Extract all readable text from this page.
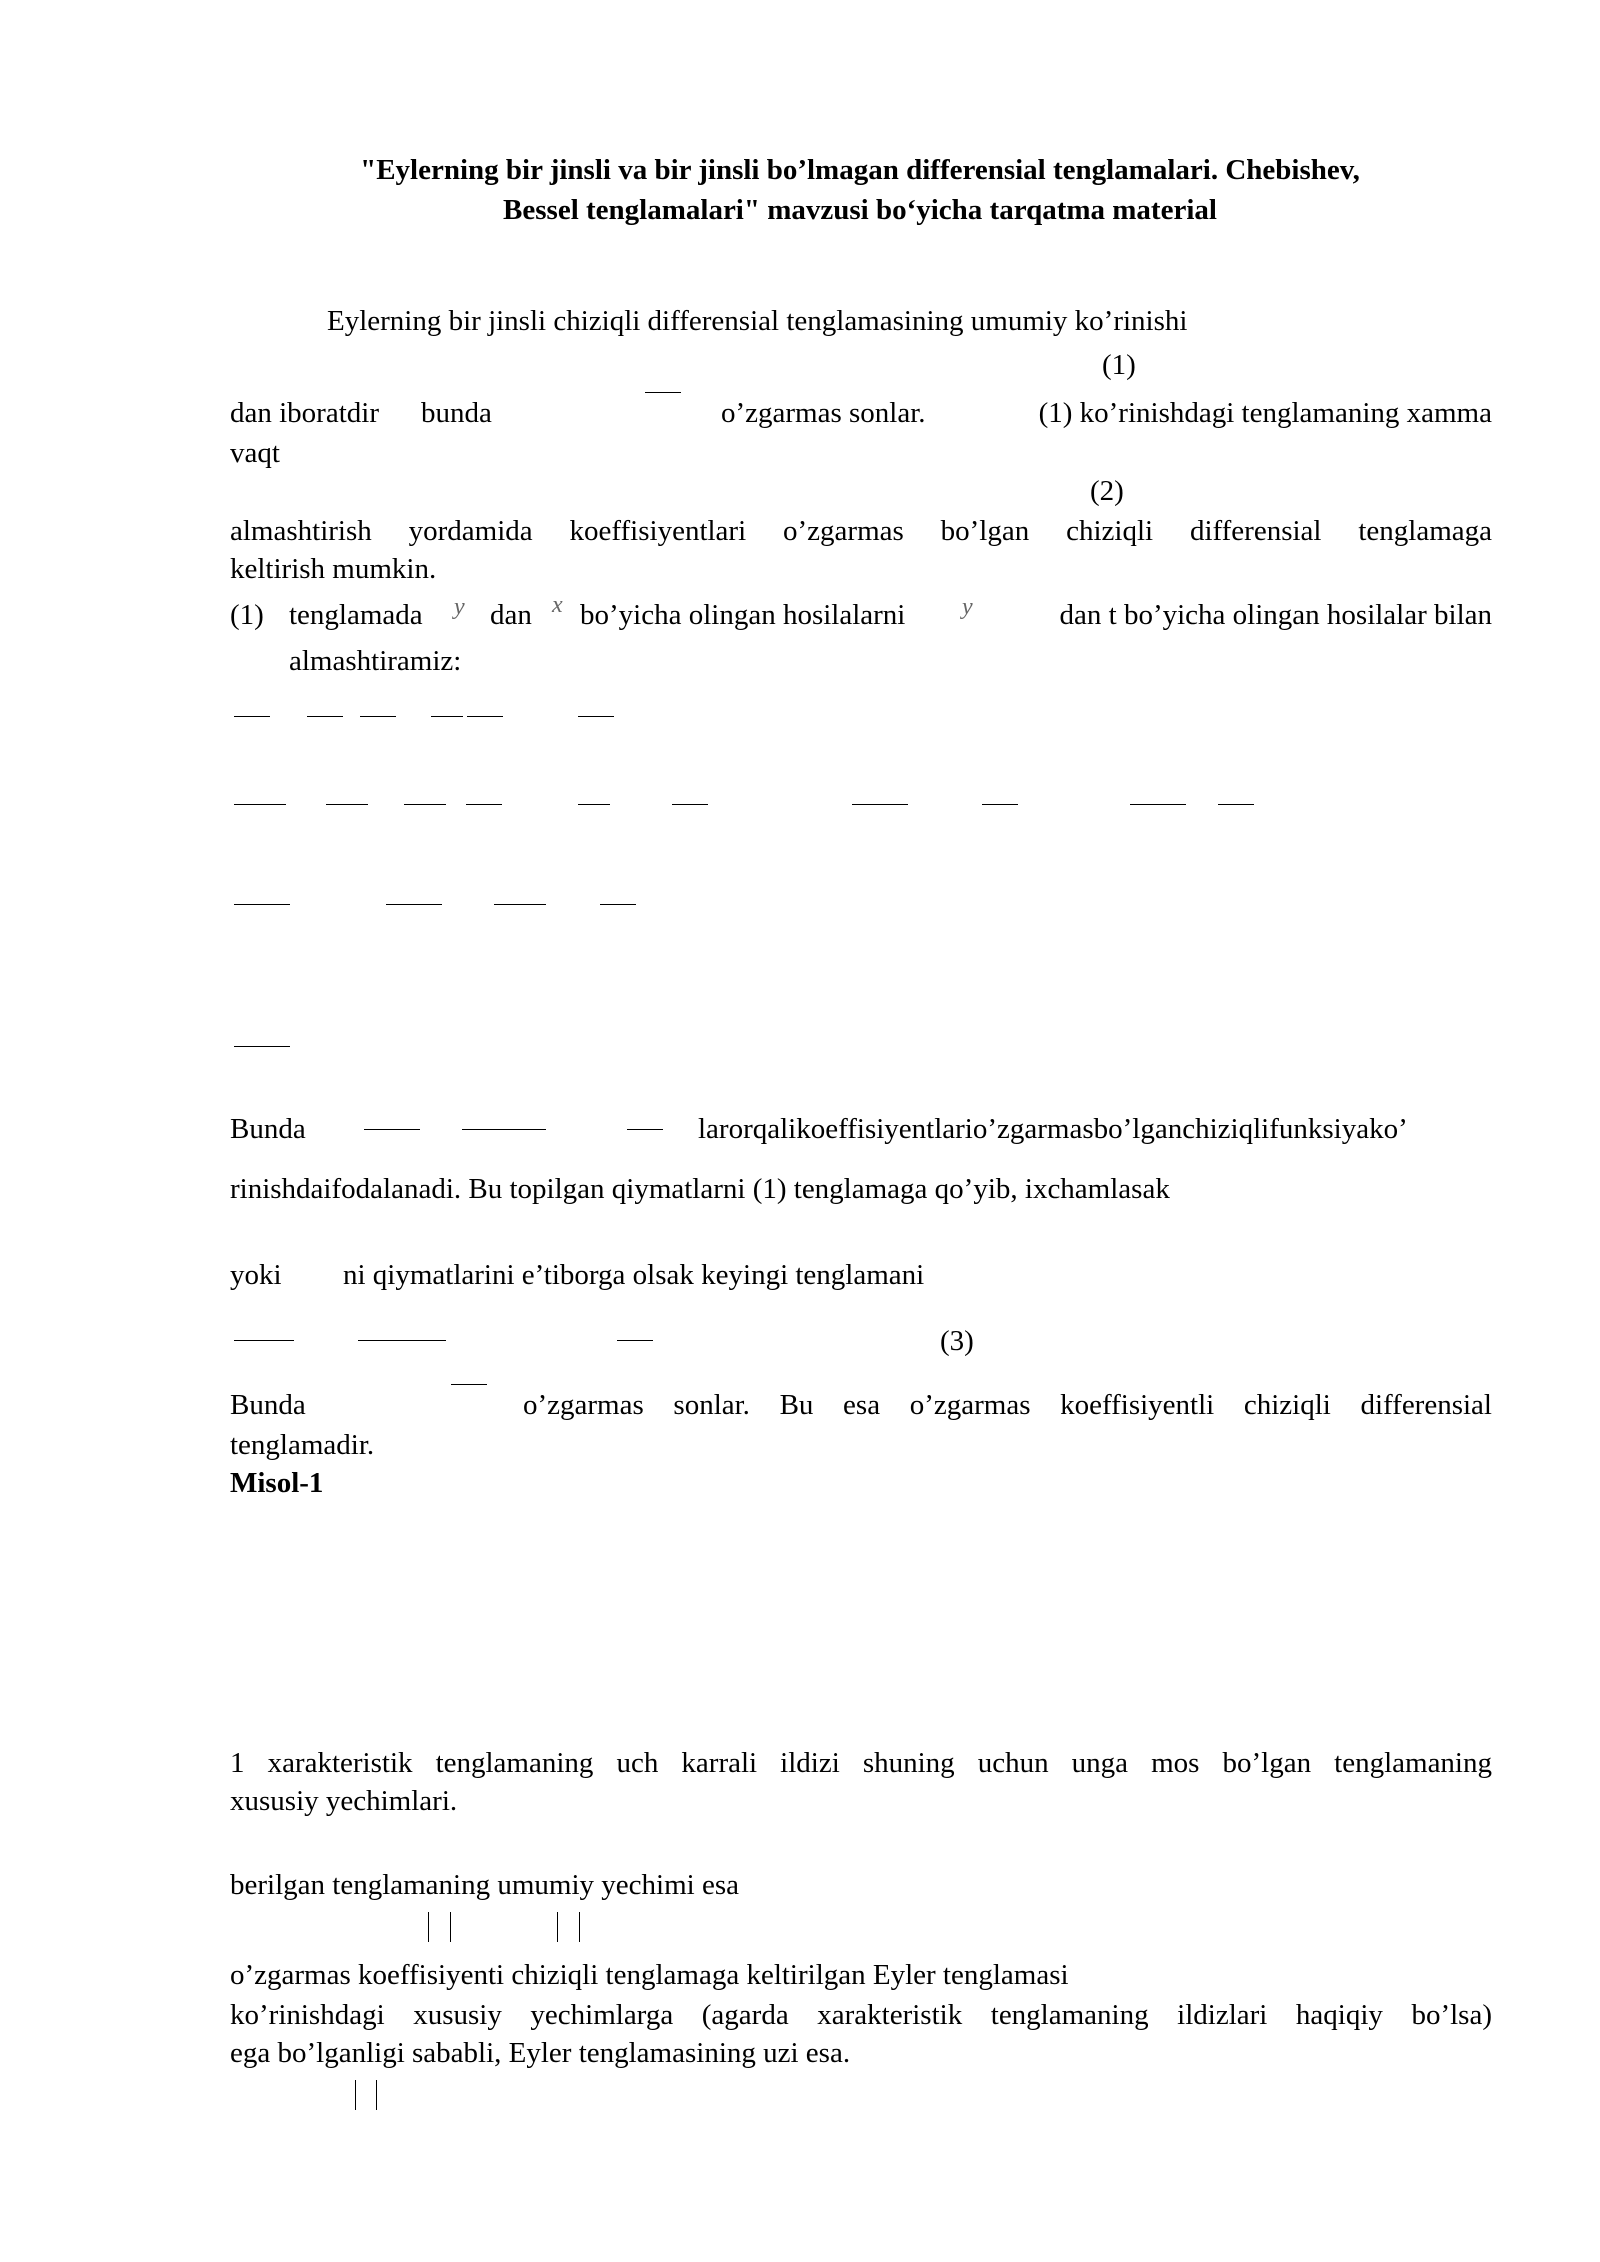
"Eylerning bir jinsli va bir jinsli bo’lmagan differensial tenglamalari. Chebishev,
Bessel tenglamalari" mavzusi bo‘yicha tarqatma material
Eylerning bir jinsli chiziqli differensial tenglamasining umumiy ko’rinishi
(1)
dan iboratdir bunda	o’zgarmas sonlar.	(1) ko’rinishdagi tenglamaning xamma
vaqt
(2)
almashtirish yordamida koeffisiyentlari o’zgarmas bo’lgan chiziqli differensial tenglamaga
keltirish mumkin.
(1) tenglamada y dan x bo’yicha olingan hosilalarni y	dan t bo’yicha olingan hosilalar bilan
almashtiramiz:
Bunda	larorqalikoeffisiyentlario’zgarmasbo’lganchiziqlifunksiyako’
rinishdaifodalanadi. Bu topilgan qiymatlarni (1) tenglamaga qo’yib, ixchamlasak
yoki ni qiymatlarini e’tiborga olsak keyingi tenglamani
(3)
Bunda	o’zgarmas sonlar. Bu esa o’zgarmas koeffisiyentli chiziqli differensial
tenglamadir.
Misol-1
1 xarakteristik tenglamaning uch karrali ildizi shuning uchun unga mos bo’lgan tenglamaning
xususiy yechimlari.
berilgan tenglamaning umumiy yechimi esa
o’zgarmas koeffisiyenti chiziqli tenglamaga keltirilgan Eyler tenglamasi
ko’rinishdagi xususiy yechimlarga (agarda xarakteristik tenglamaning ildizlari haqiqiy bo’lsa)
ega bo’lganligi sababli, Eyler tenglamasining uzi esa.
